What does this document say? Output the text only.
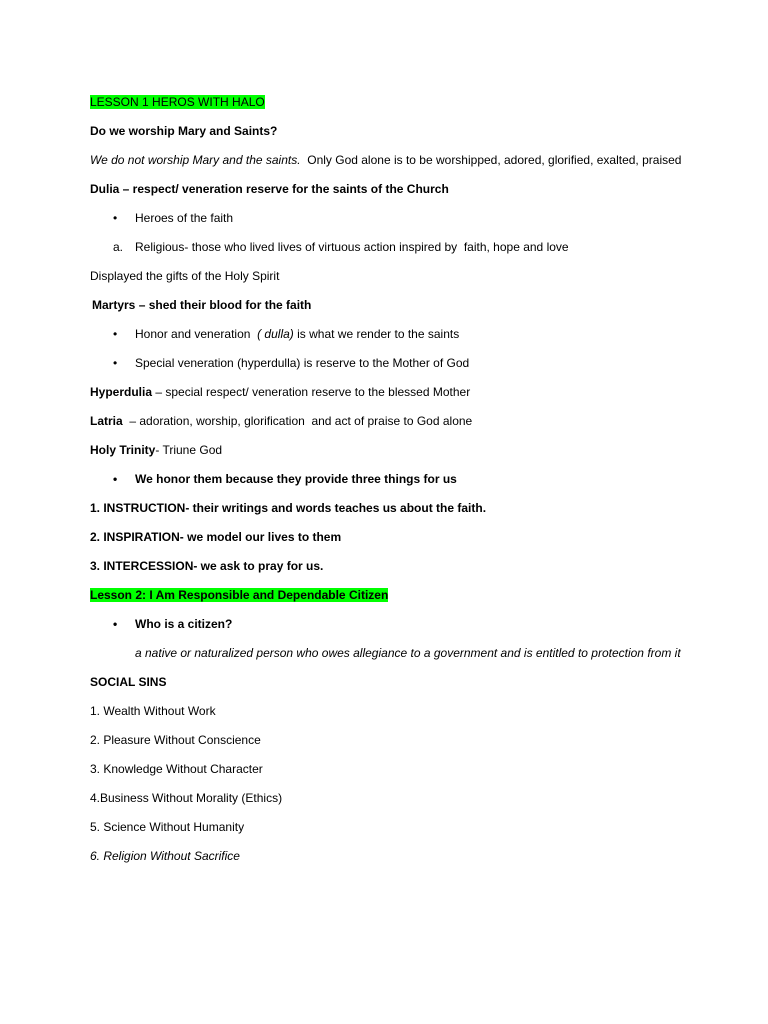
LESSON 1 HEROS WITH HALO
Do we worship Mary and Saints?
We do not worship Mary and the saints.  Only God alone is to be worshipped, adored, glorified, exalted, praised
Dulia – respect/ veneration reserve for the saints of the Church
• Heroes of the faith
a. Religious- those who lived lives of virtuous action inspired by  faith, hope and love
Displayed the gifts of the Holy Spirit
Martyrs – shed their blood for the faith
• Honor and veneration  ( dulla) is what we render to the saints
• Special veneration (hyperdulla) is reserve to the Mother of God
Hyperdulia – special respect/ veneration reserve to the blessed Mother
Latria  – adoration, worship, glorification  and act of praise to God alone
Holy Trinity- Triune God
• We honor them because they provide three things for us
1. INSTRUCTION- their writings and words teaches us about the faith.
2. INSPIRATION- we model our lives to them
3. INTERCESSION- we ask to pray for us.
Lesson 2: I Am Responsible and Dependable Citizen
• Who is a citizen?
a native or naturalized person who owes allegiance to a government and is entitled to protection from it
SOCIAL SINS
1. Wealth Without Work
2. Pleasure Without Conscience
3. Knowledge Without Character
4.Business Without Morality (Ethics)
5. Science Without Humanity
6. Religion Without Sacrifice
